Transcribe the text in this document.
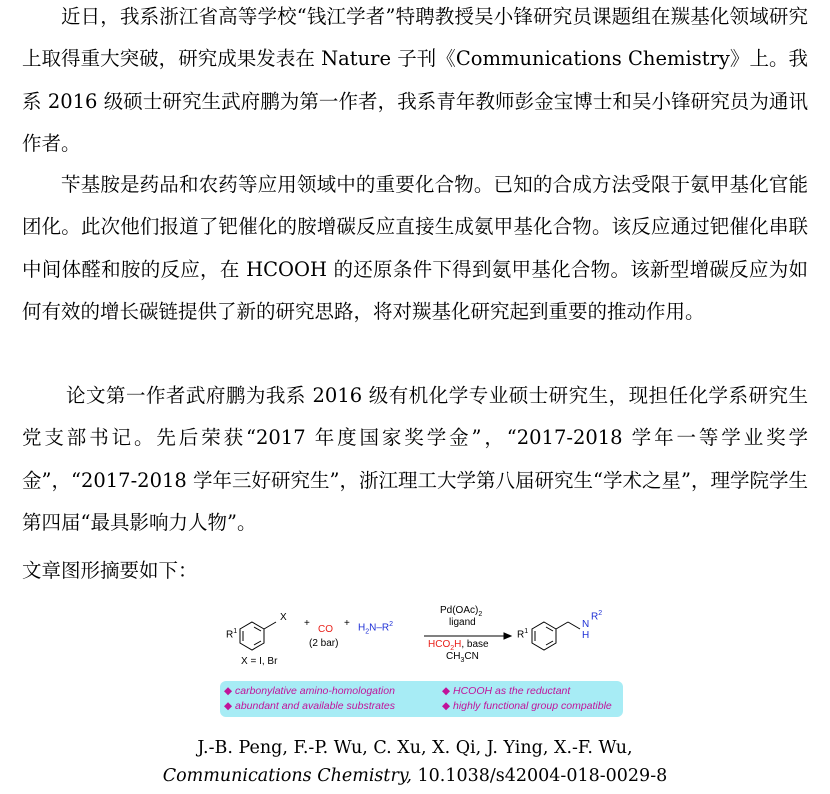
近日，我系浙江省高等学校“钱江学者”特聘教授吴小锋研究员课题组在羰基化领域研究上取得重大突破，研究成果发表在 Nature 子刊《Communications Chemistry》上。我系 2016 级硕士研究生武府鹏为第一作者，我系青年教师彭金宝博士和吴小锋研究员为通讯作者。

苄基胺是药品和农药等应用领域中的重要化合物。已知的合成方法受限于氨甲基化官能团化。此次他们报道了钯催化的胺增碳反应直接生成氨甲基化合物。该反应通过钯催化串联中间体醛和胺的反应，在 HCOOH 的还原条件下得到氨甲基化合物。该新型增碳反应为如何有效的增长碳链提供了新的研究思路，将对羰基化研究起到重要的推动作用。

论文第一作者武府鹏为我系 2016 级有机化学专业硕士研究生，现担任化学系研究生党支部书记。先后荣获“2017 年度国家奖学金”，“2017-2018 学年一等学业奖学金”，“2017-2018 学年三好研究生”，浙江理工大学第八届研究生“学术之星”，理学院学生第四届“最具影响力人物”。

文章图形摘要如下：

X
$R^1$
X = I, Br
+
CO
(2 bar)
+ $H_2N-R^2$
$Pd(OAc)_2$
ligand
$HCO_2H$, base
$CH_3CN$
$R^1$
N
H
$R^2$
◆ carbonylative amino-homologation
◆ abundant and available substrates
◆ HCOOH as the reductant
◆ highly functional group compatible
J.-B. Peng, F.-P. Wu, C. Xu, X. Qi, J. Ying, X.-F. Wu,
Communications Chemistry, 10.1038/s42004-018-0029-8
